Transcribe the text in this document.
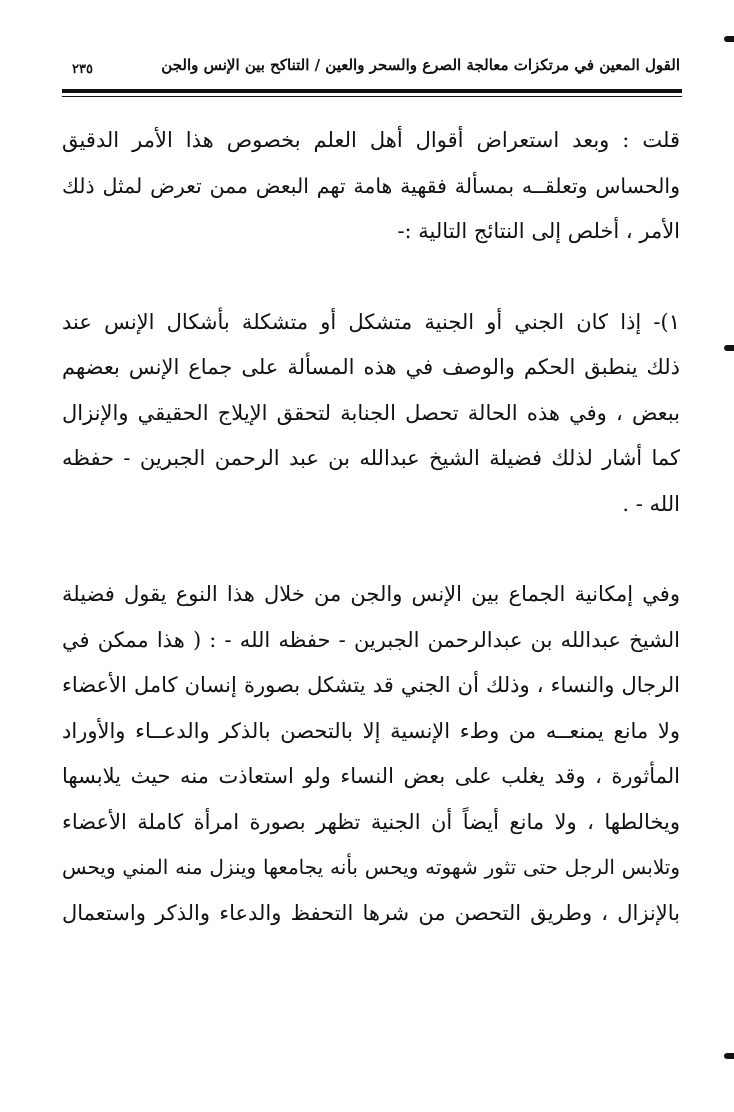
القول المعين في مرتكزات معالجة الصرع والسحر والعين / التناكح بين الإنس والجن
٢٣٥

قلت : وبعد استعراض أقوال أهل العلم بخصوص هذا الأمر الدقيق
والحساس وتعلقــه بمسألة فقهية هامة تهم البعض ممن تعرض لمثل ذلك
الأمر ، أخلص إلى النتائج التالية :-

١)- إذا كان الجني أو الجنية متشكل أو متشكلة بأشكال الإنس عند
ذلك ينطبق الحكم والوصف في هذه المسألة على جماع الإنس بعضهم
ببعض ، وفي هذه الحالة تحصل الجنابة لتحقق الإيلاج الحقيقي والإنزال
كما أشار لذلك فضيلة الشيخ عبدالله بن عبد الرحمن الجبرين - حفظه
الله - .

وفي إمكانية الجماع بين الإنس والجن من خلال هذا النوع يقول فضيلة
الشيخ عبدالله بن عبدالرحمن الجبرين - حفظه الله - : ( هذا ممكن في
الرجال والنساء ، وذلك أن الجني قد يتشكل بصورة إنسان كامل الأعضاء
ولا مانع يمنعــه من وطء الإنسية إلا بالتحصن بالذكر والدعــاء والأوراد
المأثورة ، وقد يغلب على بعض النساء ولو استعاذت منه حيث يلابسها
ويخالطها ، ولا مانع أيضاً أن الجنية تظهر بصورة امرأة كاملة الأعضاء
وتلابس الرجل حتى تثور شهوته ويحس بأنه يجامعها وينزل منه المني ويحس
بالإنزال ، وطريق التحصن من شرها التحفظ والدعاء والذكر واستعمال
